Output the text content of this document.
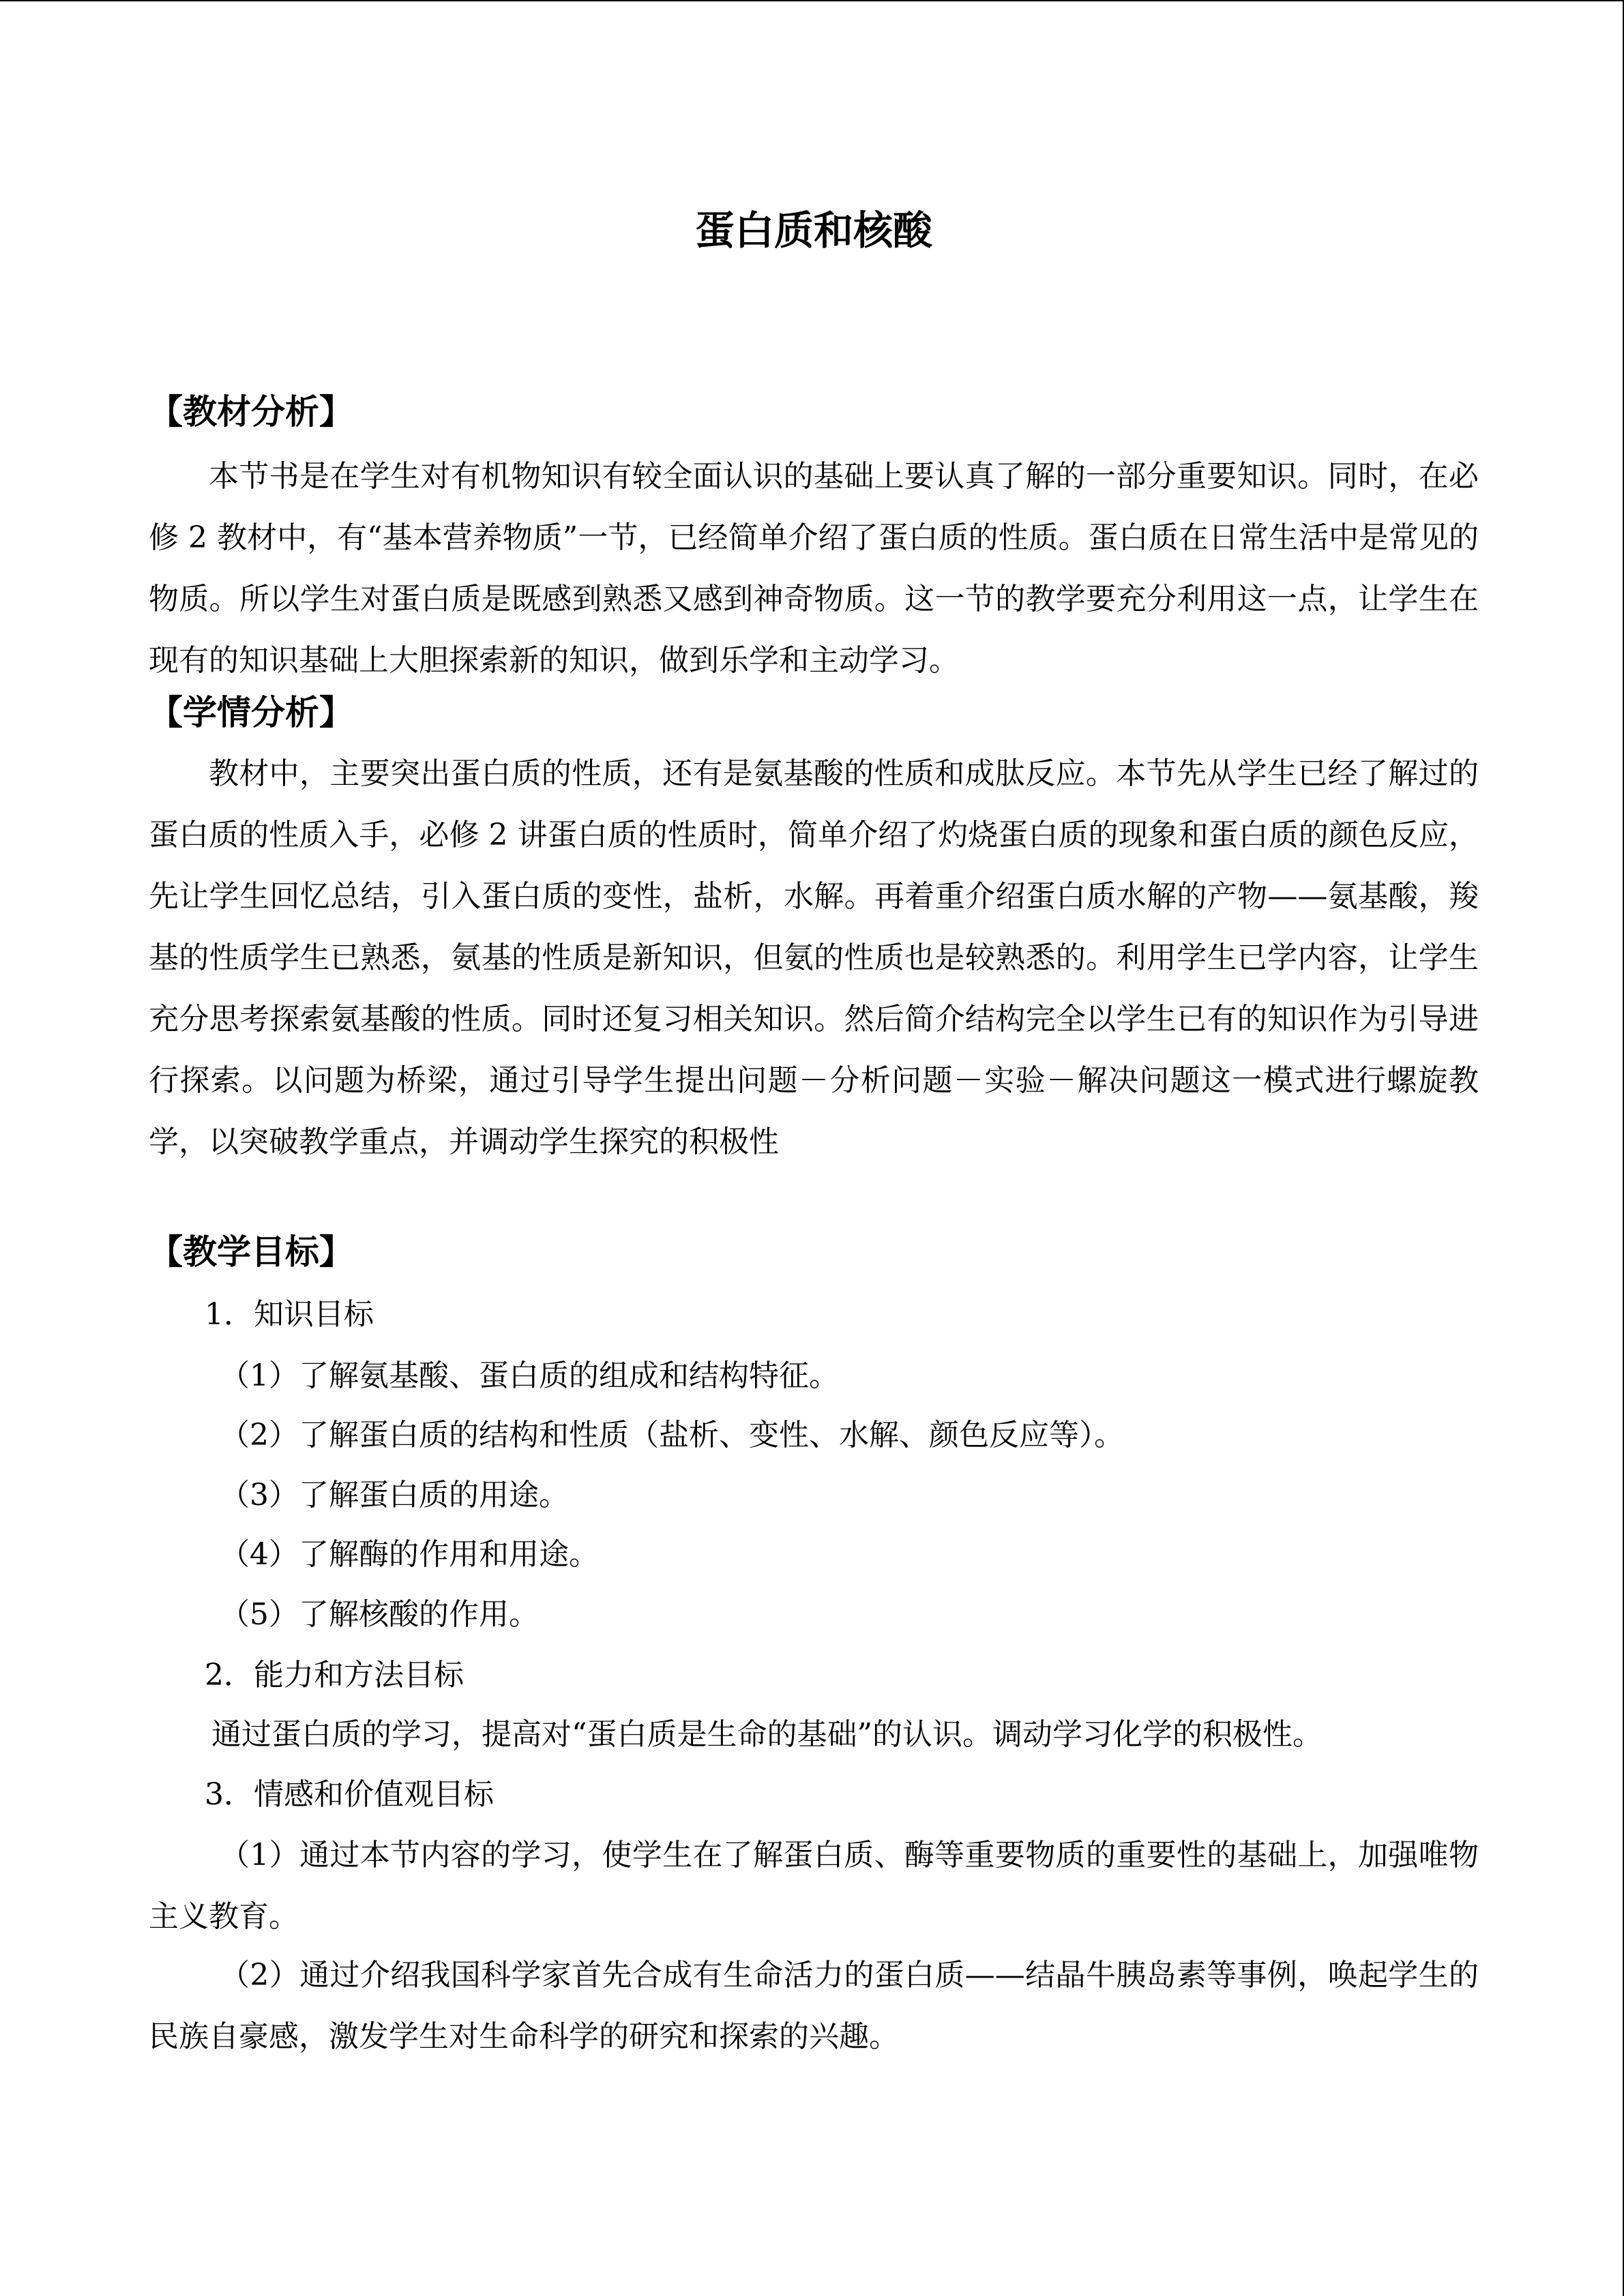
蛋白质和核酸
【教材分析】
本节书是在学生对有机物知识有较全面认识的基础上要认真了解的一部分重要知识。同时，在必修 2 教材中，有“基本营养物质”一节，已经简单介绍了蛋白质的性质。蛋白质在日常生活中是常见的物质。所以学生对蛋白质是既感到熟悉又感到神奇物质。这一节的教学要充分利用这一点，让学生在现有的知识基础上大胆探索新的知识，做到乐学和主动学习。
【学情分析】
教材中，主要突出蛋白质的性质，还有是氨基酸的性质和成肽反应。本节先从学生已经了解过的蛋白质的性质入手，必修 2 讲蛋白质的性质时，简单介绍了灼烧蛋白质的现象和蛋白质的颜色反应，先让学生回忆总结，引入蛋白质的变性，盐析，水解。再着重介绍蛋白质水解的产物——氨基酸，羧基的性质学生已熟悉，氨基的性质是新知识，但氨的性质也是较熟悉的。利用学生已学内容，让学生充分思考探索氨基酸的性质。同时还复习相关知识。然后简介结构完全以学生已有的知识作为引导进行探索。以问题为桥梁，通过引导学生提出问题－分析问题－实验－解决问题这一模式进行螺旋教学，以突破教学重点，并调动学生探究的积极性
【教学目标】
1．知识目标
（1）了解氨基酸、蛋白质的组成和结构特征。
（2）了解蛋白质的结构和性质（盐析、变性、水解、颜色反应等）。
（3）了解蛋白质的用途。
（4）了解酶的作用和用途。
（5）了解核酸的作用。
2．能力和方法目标
通过蛋白质的学习，提高对“蛋白质是生命的基础”的认识。调动学习化学的积极性。
3．情感和价值观目标
（1）通过本节内容的学习，使学生在了解蛋白质、酶等重要物质的重要性的基础上，加强唯物主义教育。
（2）通过介绍我国科学家首先合成有生命活力的蛋白质——结晶牛胰岛素等事例，唤起学生的民族自豪感，激发学生对生命科学的研究和探索的兴趣。
